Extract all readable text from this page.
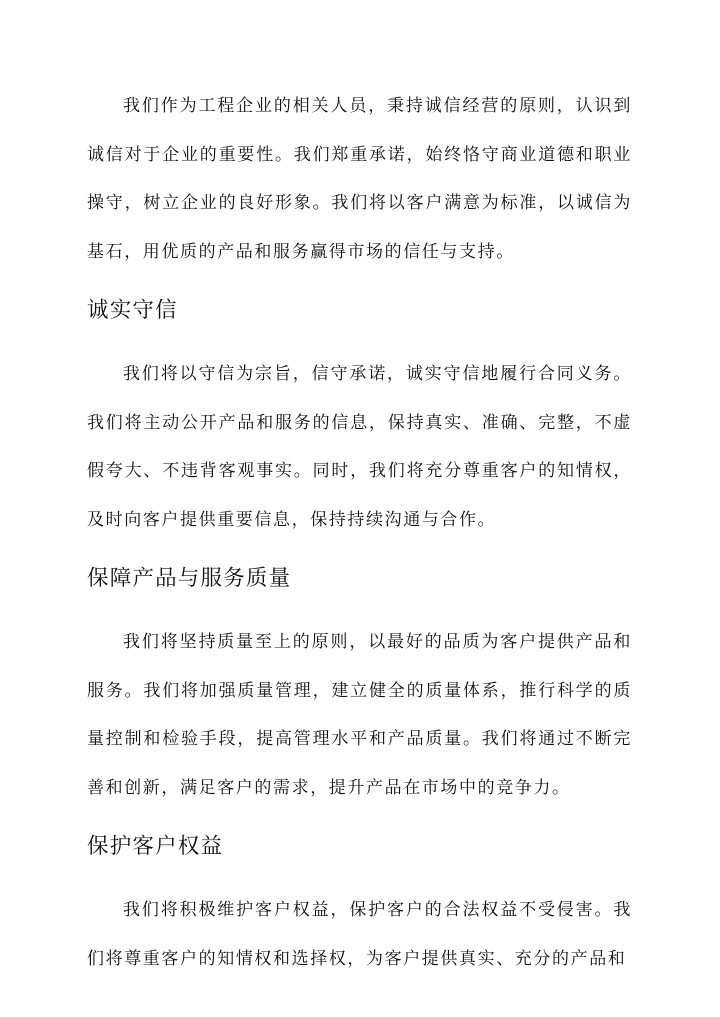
我们作为工程企业的相关人员，秉持诚信经营的原则，认识到诚信对于企业的重要性。我们郑重承诺，始终恪守商业道德和职业操守，树立企业的良好形象。我们将以客户满意为标准，以诚信为基石，用优质的产品和服务赢得市场的信任与支持。

诚实守信

我们将以守信为宗旨，信守承诺，诚实守信地履行合同义务。我们将主动公开产品和服务的信息，保持真实、准确、完整，不虚假夸大、不违背客观事实。同时，我们将充分尊重客户的知情权，及时向客户提供重要信息，保持持续沟通与合作。

保障产品与服务质量

我们将坚持质量至上的原则，以最好的品质为客户提供产品和服务。我们将加强质量管理，建立健全的质量体系，推行科学的质量控制和检验手段，提高管理水平和产品质量。我们将通过不断完善和创新，满足客户的需求，提升产品在市场中的竞争力。

保护客户权益

我们将积极维护客户权益，保护客户的合法权益不受侵害。我们将尊重客户的知情权和选择权，为客户提供真实、充分的产品和
